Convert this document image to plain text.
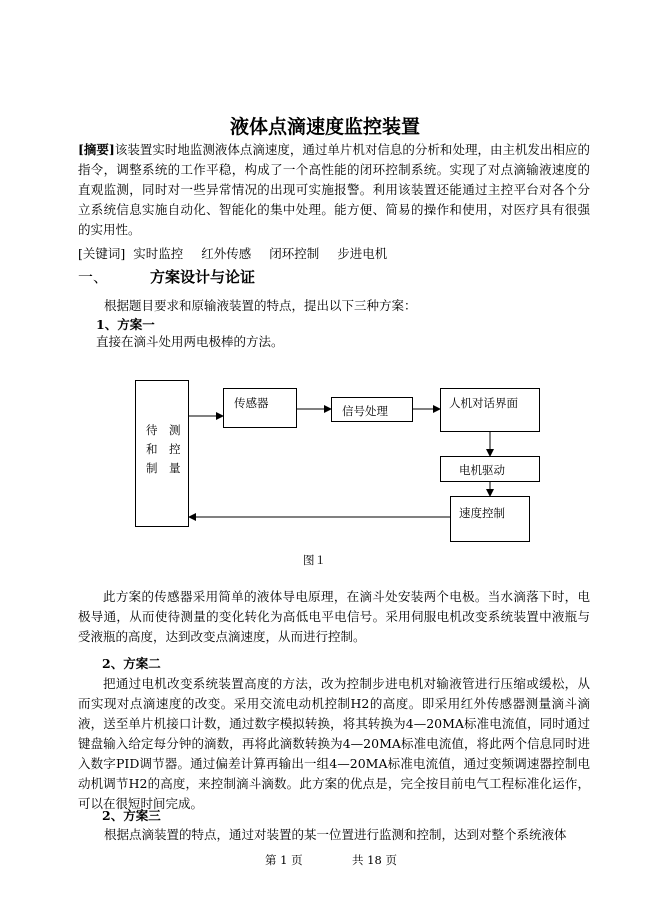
液体点滴速度监控装置
[摘要]该装置实时地监测液体点滴速度，通过单片机对信息的分析和处理，由主机发出相应的指令，调整系统的工作平稳，构成了一个高性能的闭环控制系统。实现了对点滴输液速度的直观监测，同时对一些异常情况的出现可实施报警。利用该装置还能通过主控平台对各个分立系统信息实施自动化、智能化的集中处理。能方便、简易的操作和使用，对医疗具有很强的实用性。
[关键词] 实时监控 红外传感 闭环控制 步进电机
一、	方案设计与论证
根据题目要求和原输液装置的特点，提出以下三种方案：
1、方案一
直接在滴斗处用两电极棒的方法。
待　测
和　控
制　量
传感器
信号处理
人机对话界面
电机驱动
速度控制
图１
此方案的传感器采用简单的液体导电原理，在滴斗处安装两个电极。当水滴落下时，电极导通，从而使待测量的变化转化为高低电平电信号。采用伺服电机改变系统装置中液瓶与受液瓶的高度，达到改变点滴速度，从而进行控制。
2、方案二
把通过电机改变系统装置高度的方法，改为控制步进电机对输液管进行压缩或缓松，从而实现对点滴速度的改变。采用交流电动机控制H2的高度。即采用红外传感器测量滴斗滴液，送至单片机接口计数，通过数字模拟转换，将其转换为4—20MA标准电流值，同时通过键盘输入给定每分钟的滴数，再将此滴数转换为4—20MA标准电流值，将此两个信息同时进入数字PID调节器。通过偏差计算再输出一组4—20MA标准电流值，通过变频调速器控制电动机调节H2的高度，来控制滴斗滴数。此方案的优点是，完全按目前电气工程标准化运作，可以在很短时间完成。
2、方案三
根据点滴装置的特点，通过对装置的某一位置进行监测和控制，达到对整个系统液体
第 1 页	共 18 页
